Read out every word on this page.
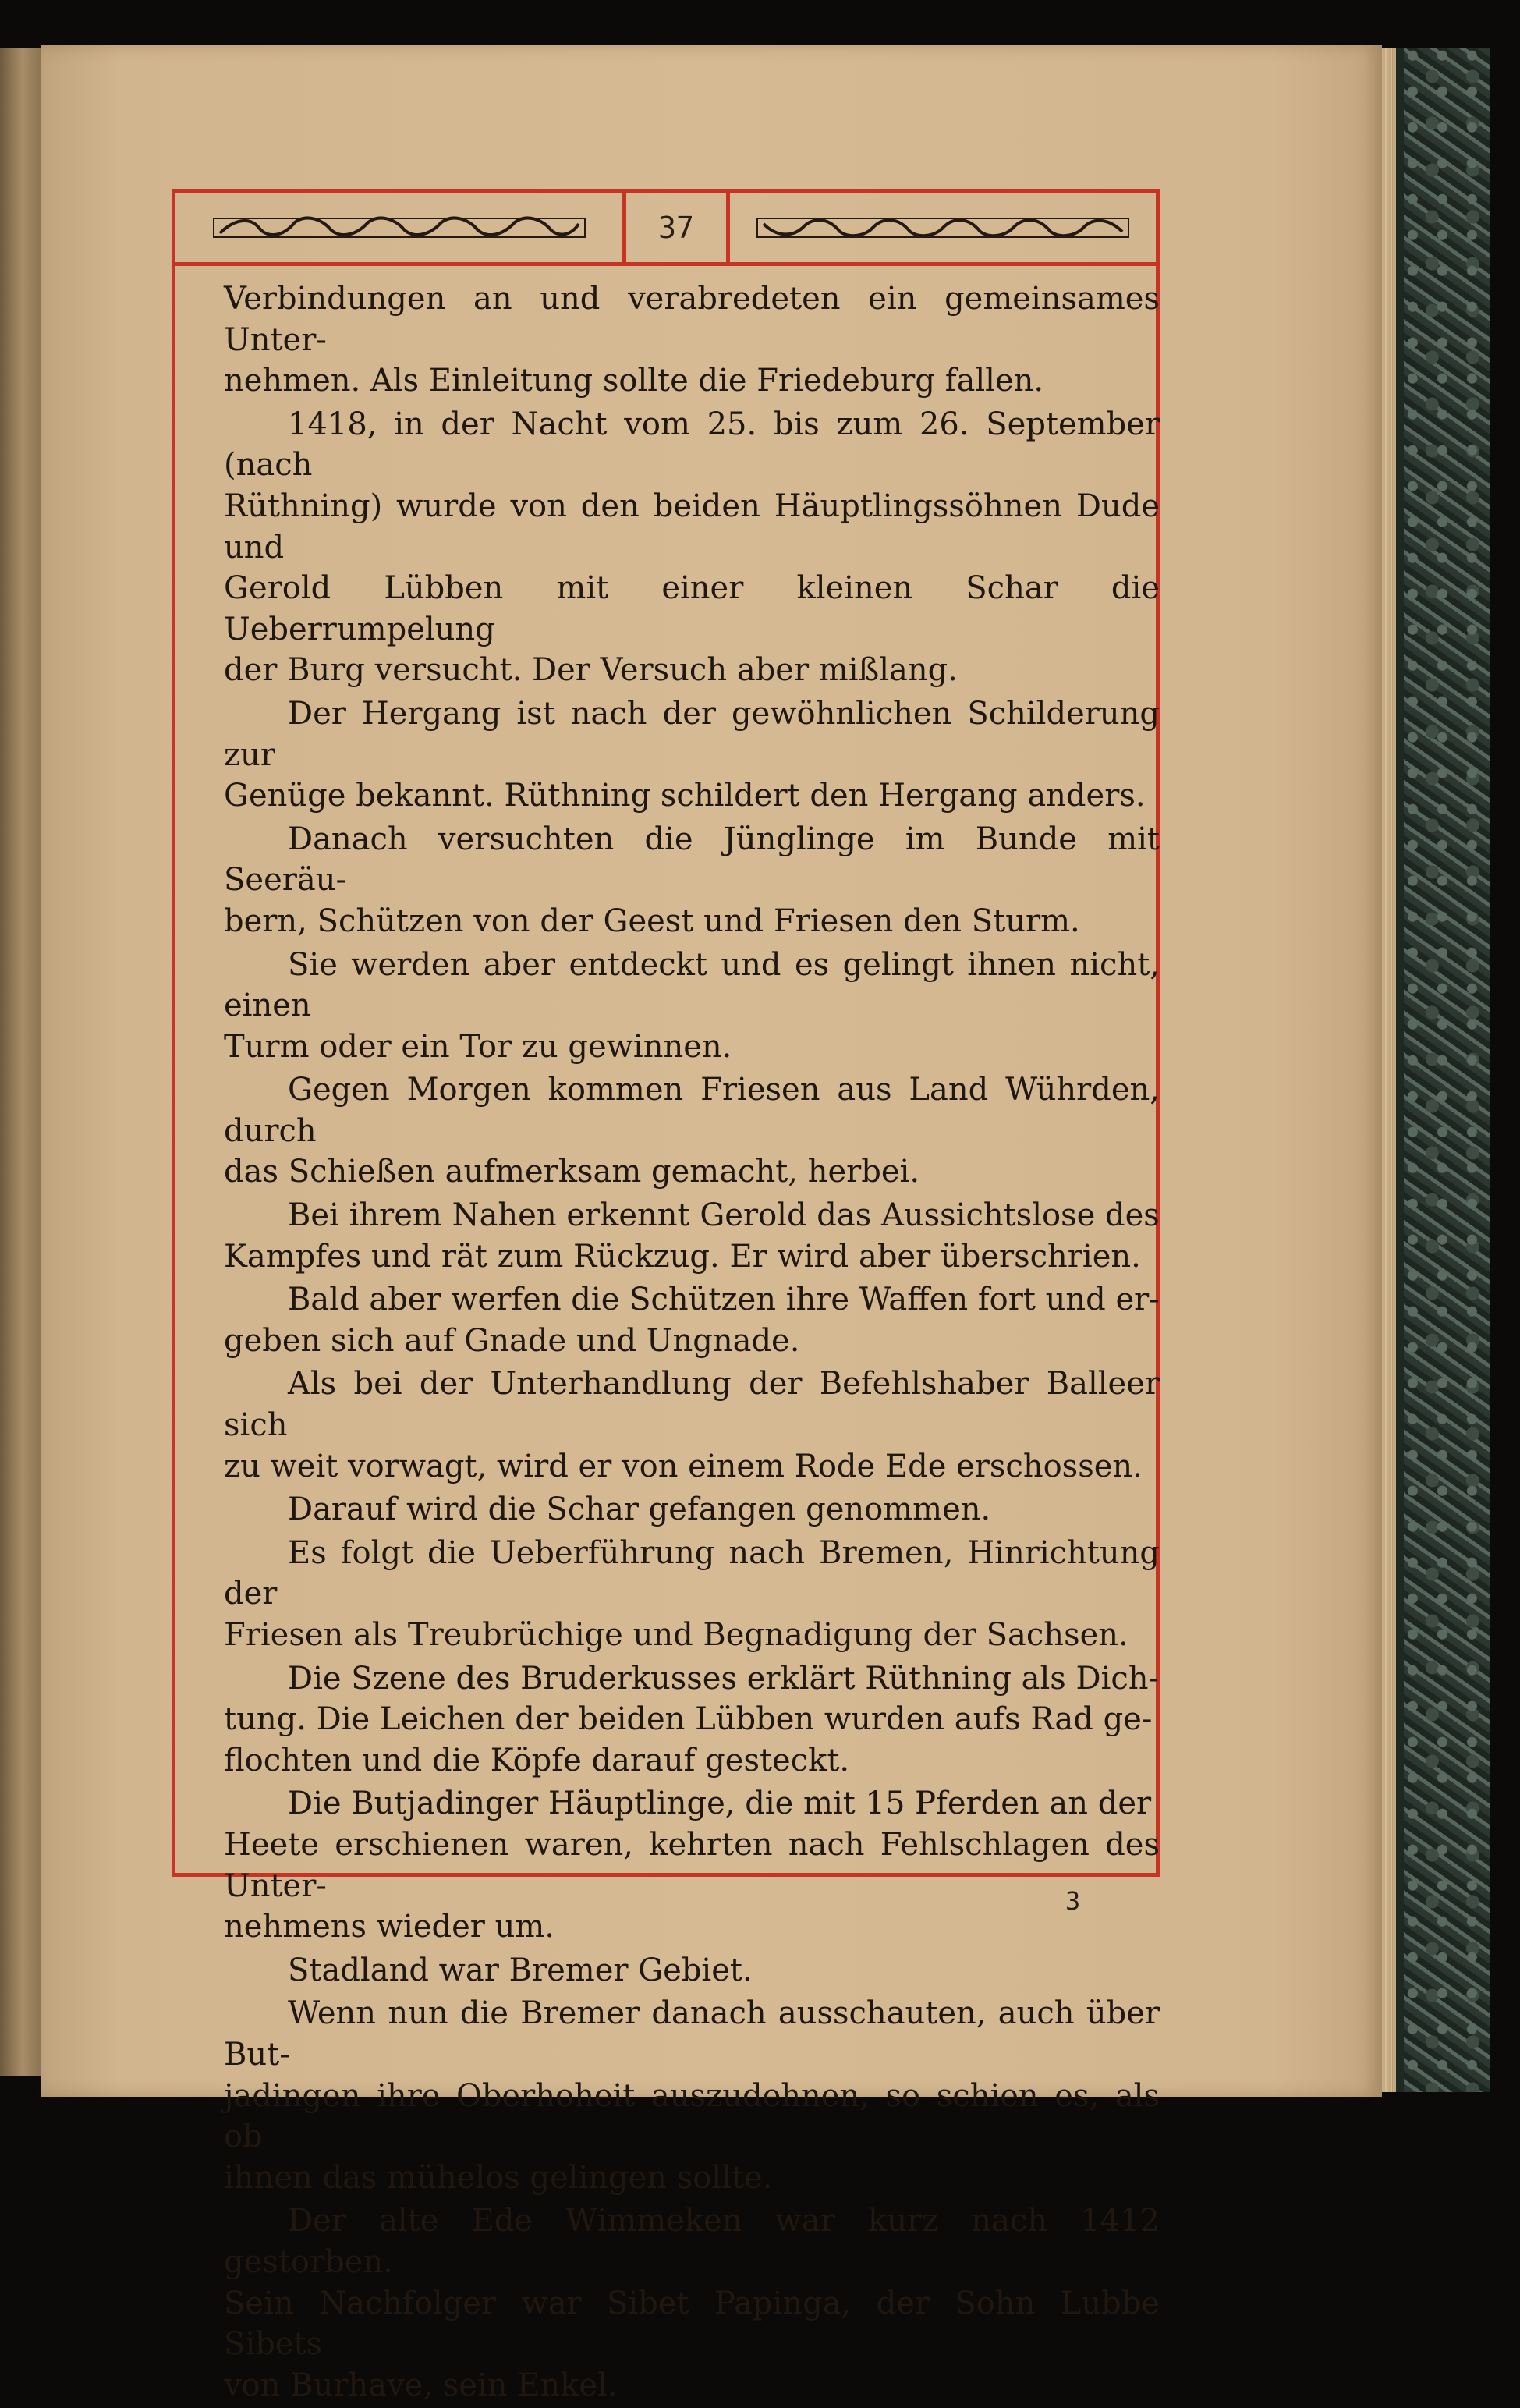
37

Verbindungen an und verabredeten ein gemeinsames Unter-
nehmen. Als Einleitung sollte die Friedeburg fallen.

1418, in der Nacht vom 25. bis zum 26. September (nach
Rüthning) wurde von den beiden Häuptlingssöhnen Dude und
Gerold Lübben mit einer kleinen Schar die Ueberrumpelung
der Burg versucht. Der Versuch aber mißlang.

Der Hergang ist nach der gewöhnlichen Schilderung zur
Genüge bekannt. Rüthning schildert den Hergang anders.

Danach versuchten die Jünglinge im Bunde mit Seeräu-
bern, Schützen von der Geest und Friesen den Sturm.

Sie werden aber entdeckt und es gelingt ihnen nicht, einen
Turm oder ein Tor zu gewinnen.

Gegen Morgen kommen Friesen aus Land Wührden, durch
das Schießen aufmerksam gemacht, herbei.

Bei ihrem Nahen erkennt Gerold das Aussichtslose des
Kampfes und rät zum Rückzug. Er wird aber überschrien.

Bald aber werfen die Schützen ihre Waffen fort und er-
geben sich auf Gnade und Ungnade.

Als bei der Unterhandlung der Befehlshaber Balleer sich
zu weit vorwagt, wird er von einem Rode Ede erschossen.

Darauf wird die Schar gefangen genommen.

Es folgt die Ueberführung nach Bremen, Hinrichtung der
Friesen als Treubrüchige und Begnadigung der Sachsen.

Die Szene des Bruderkusses erklärt Rüthning als Dich-
tung. Die Leichen der beiden Lübben wurden aufs Rad ge-
flochten und die Köpfe darauf gesteckt.

Die Butjadinger Häuptlinge, die mit 15 Pferden an der
Heete erschienen waren, kehrten nach Fehlschlagen des Unter-
nehmens wieder um.

Stadland war Bremer Gebiet.

Wenn nun die Bremer danach ausschauten, auch über But-
jadingen ihre Oberhoheit auszudehnen, so schien es, als ob
ihnen das mühelos gelingen sollte.

Der alte Ede Wimmeken war kurz nach 1412 gestorben.
Sein Nachfolger war Sibet Papinga, der Sohn Lubbe Sibets
von Burhave, sein Enkel.

3
